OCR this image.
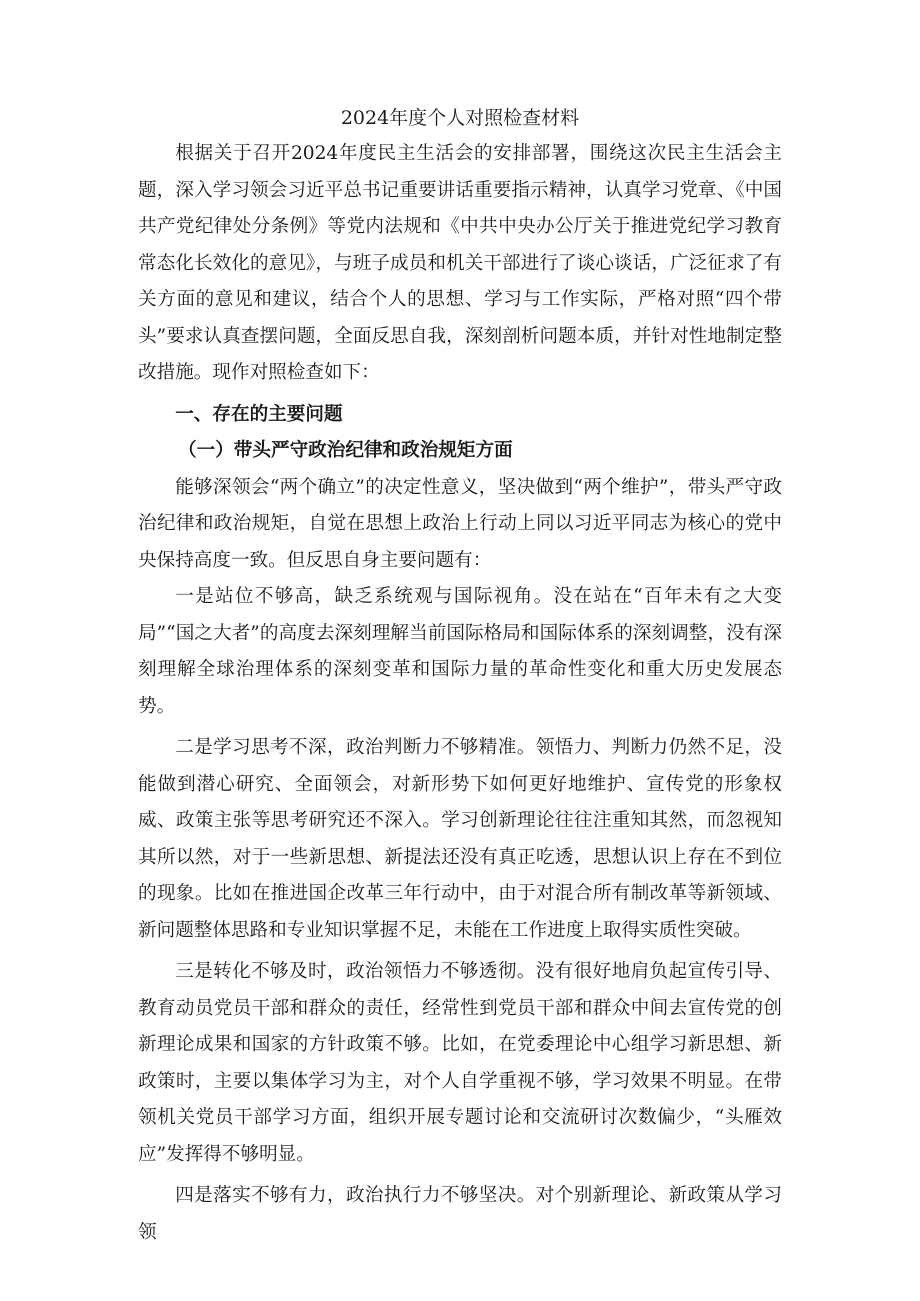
2024年度个人对照检查材料

根据关于召开2024年度民主生活会的安排部署，围绕这次民主生活会主题，深入学习领会习近平总书记重要讲话重要指示精神，认真学习党章、《中国共产党纪律处分条例》等党内法规和《中共中央办公厅关于推进党纪学习教育常态化长效化的意见》，与班子成员和机关干部进行了谈心谈话，广泛征求了有关方面的意见和建议，结合个人的思想、学习与工作实际，严格对照“四个带头”要求认真查摆问题，全面反思自我，深刻剖析问题本质，并针对性地制定整改措施。现作对照检查如下：

一、存在的主要问题

（一）带头严守政治纪律和政治规矩方面

能够深领会“两个确立”的决定性意义，坚决做到“两个维护”，带头严守政治纪律和政治规矩，自觉在思想上政治上行动上同以习近平同志为核心的党中央保持高度一致。但反思自身主要问题有：

一是站位不够高，缺乏系统观与国际视角。没在站在“百年未有之大变局”“国之大者”的高度去深刻理解当前国际格局和国际体系的深刻调整，没有深刻理解全球治理体系的深刻变革和国际力量的革命性变化和重大历史发展态势。

二是学习思考不深，政治判断力不够精准。领悟力、判断力仍然不足，没能做到潜心研究、全面领会，对新形势下如何更好地维护、宣传党的形象权威、政策主张等思考研究还不深入。学习创新理论往往注重知其然，而忽视知其所以然，对于一些新思想、新提法还没有真正吃透，思想认识上存在不到位的现象。比如在推进国企改革三年行动中，由于对混合所有制改革等新领域、新问题整体思路和专业知识掌握不足，未能在工作进度上取得实质性突破。

三是转化不够及时，政治领悟力不够透彻。没有很好地肩负起宣传引导、教育动员党员干部和群众的责任，经常性到党员干部和群众中间去宣传党的创新理论成果和国家的方针政策不够。比如，在党委理论中心组学习新思想、新政策时，主要以集体学习为主，对个人自学重视不够，学习效果不明显。在带领机关党员干部学习方面，组织开展专题讨论和交流研讨次数偏少，“头雁效应”发挥得不够明显。

四是落实不够有力，政治执行力不够坚决。对个别新理论、新政策从学习领
